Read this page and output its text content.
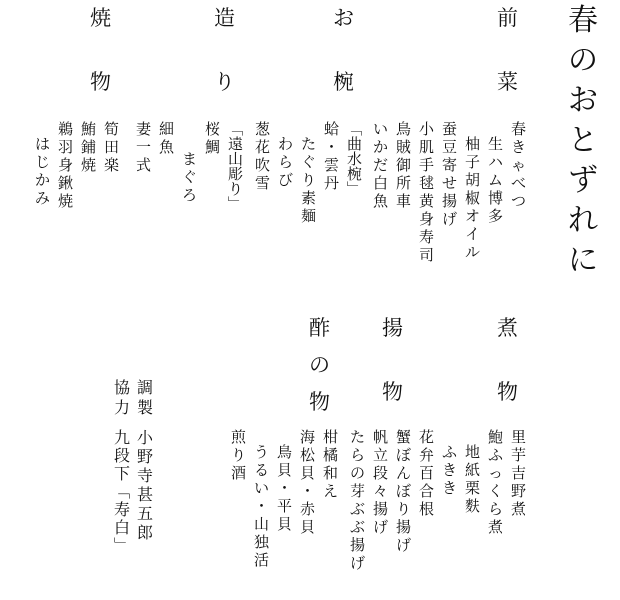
春
の
お
と
ず
れ
に
前
菜
春
き
ゃ
べ
つ
生
ハ
ム
博
多
柚
子
胡
椒
オ
イ
ル
蚕
豆
寄
せ
揚
げ
小
肌
手
毬
黄
身
寿
司
鳥
賊
御
所
車
い
か
だ
白
魚
お
椀
﹁
曲
水
椀
﹂
蛤
・
雲
丹
た
ぐ
り
素
麺
わ
ら
び
葱
花
吹
雪
造
り
﹁
遠
山
彫
り
﹂
桜
鯛
ま
ぐ
ろ
細
魚
妻
一
式
焼
物
筍
田
楽
鮪
鋪
焼
鵜
羽
身
鍬
焼
は
じ
か
み
煮
物
里
芋
吉
野
煮
鮑
ふ
っ
く
ら
煮
地
紙
栗
麩
ふ
き
き
花
弁
百
合
根
揚
物
蟹
ぼ
ん
ぼ
り
揚
げ
帆
立
段
々
揚
げ
た
ら
の
芽
ぶ
ぶ
揚
げ
酢
の
物
柑
橘
和
え
海
松
貝
・
赤
貝
鳥
貝
・
平
貝
う
る
い
・
山
独
活
煎
り
酒
調
製
協
力
小
野
寺
甚
五
郎
九
段
下
﹁
寿
白
﹂
